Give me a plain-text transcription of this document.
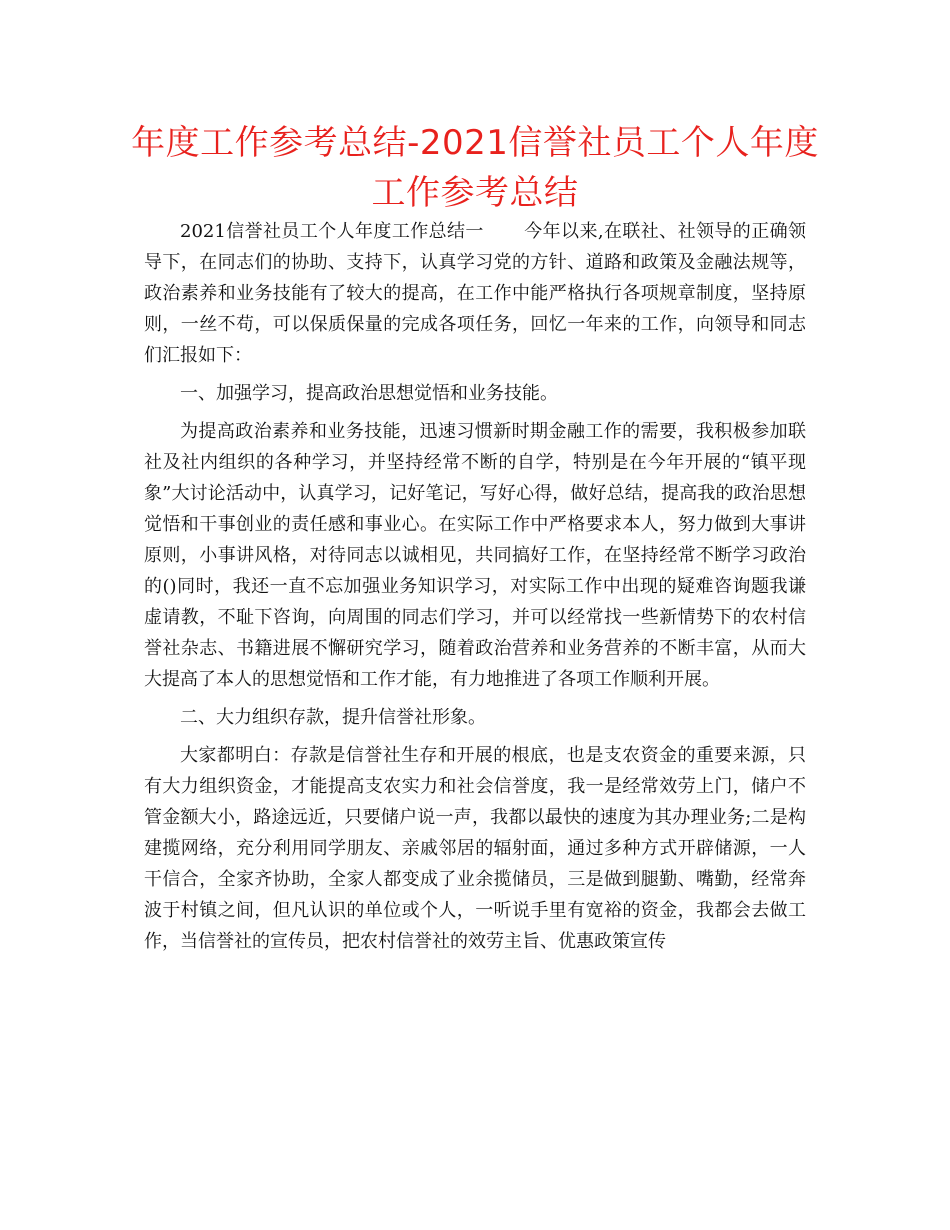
年度工作参考总结-2021信誉社员工个人年度工作参考总结

2021信誉社员工个人年度工作总结一 今年以来,在联社、社领导的正确领导下，在同志们的协助、支持下，认真学习党的方针、道路和政策及金融法规等，政治素养和业务技能有了较大的提高，在工作中能严格执行各项规章制度，坚持原则，一丝不苟，可以保质保量的完成各项任务，回忆一年来的工作，向领导和同志们汇报如下：

一、加强学习，提高政治思想觉悟和业务技能。

为提高政治素养和业务技能，迅速习惯新时期金融工作的需要，我积极参加联社及社内组织的各种学习，并坚持经常不断的自学，特别是在今年开展的“镇平现象”大讨论活动中，认真学习，记好笔记，写好心得，做好总结，提高我的政治思想觉悟和干事创业的责任感和事业心。在实际工作中严格要求本人，努力做到大事讲原则，小事讲风格，对待同志以诚相见，共同搞好工作，在坚持经常不断学习政治的()同时，我还一直不忘加强业务知识学习，对实际工作中出现的疑难咨询题我谦虚请教，不耻下咨询，向周围的同志们学习，并可以经常找一些新情势下的农村信誉社杂志、书籍进展不懈研究学习，随着政治营养和业务营养的不断丰富，从而大大提高了本人的思想觉悟和工作才能，有力地推进了各项工作顺利开展。

二、大力组织存款，提升信誉社形象。

大家都明白：存款是信誉社生存和开展的根底，也是支农资金的重要来源，只有大力组织资金，才能提高支农实力和社会信誉度，我一是经常效劳上门，储户不管金额大小，路途远近，只要储户说一声，我都以最快的速度为其办理业务;二是构建揽网络，充分利用同学朋友、亲戚邻居的辐射面，通过多种方式开辟储源，一人干信合，全家齐协助，全家人都变成了业余揽储员，三是做到腿勤、嘴勤，经常奔波于村镇之间，但凡认识的单位或个人，一听说手里有宽裕的资金，我都会去做工作，当信誉社的宣传员，把农村信誉社的效劳主旨、优惠政策宣传
